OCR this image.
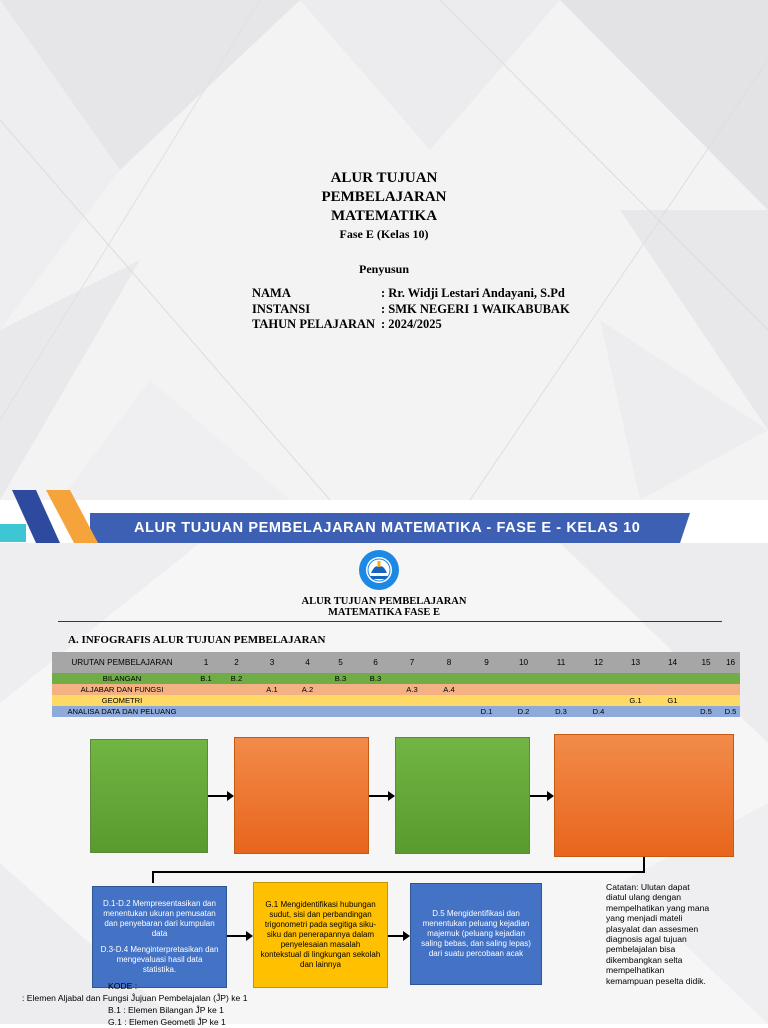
ALUR TUJUAN
PEMBELAJARAN
MATEMATIKA
Fase E (Kelas 10)
Penyusun
NAMA	: Rr. Widji Lestari Andayani, S.Pd
INSTANSI	: SMK NEGERI 1 WAIKABUBAK
TAHUN PELAJARAN : 2024/2025
ALUR TUJUAN PEMBELAJARAN MATEMATIKA - FASE E - KELAS 10
ALUR TUJUAN PEMBELAJARAN
MATEMATIKA FASE E
A. INFOGRAFIS ALUR TUJUAN PEMBELAJARAN
URUTAN PEMBELAJARAN	1	2	3	4	5	6	7	8	9	10	11	12	13	14	15	16
BILANGAN	B.1	B.2			B.3	B.3										
ALJABAR DAN FUNGSI			A.1	A.2			A.3	A.4								
GEOMETRI													G.1	G1		
ANALISA DATA DAN PELUANG									D.1	D.2	D.3	D.4			D.5	D.5
D.1-D.2 Mempresentasikan dan menentukan ukuran pemusatan dan penyebaran dari kumpulan data
D.3-D.4 Menginterpretasikan dan mengevaluasi hasil data statistika.
G.1 Mengidentifikasi hubungan sudut, sisi dan perbandingan trigonometri pada segitiga siku-siku dan penerapannya dalam penyelesaian masalah kontekstual di lingkungan sekolah dan lainnya
D.5 Mengidentifikasi dan menentukan peluang kejadian majemuk (peluang kejadian saling bebas, dan saling lepas) dari suatu percobaan acak
Catatan: Ulutan dapat diatul ulang dengan mempelhatikan yang mana yang menjadi mateli plasyalat dan assesmen diagnosis agal tujuan pembelajalan bisa dikembangkan selta mempelhatikan kemampuan peselta didik.
KODE :
: Elemen Aljabal dan Fungsi Ĵujuan Pembelajalan (ĴP) ke 1
B.1 : Elemen Bilangan ĴP ke 1
G.1 : Elemen Geometli ĴP ke 1
